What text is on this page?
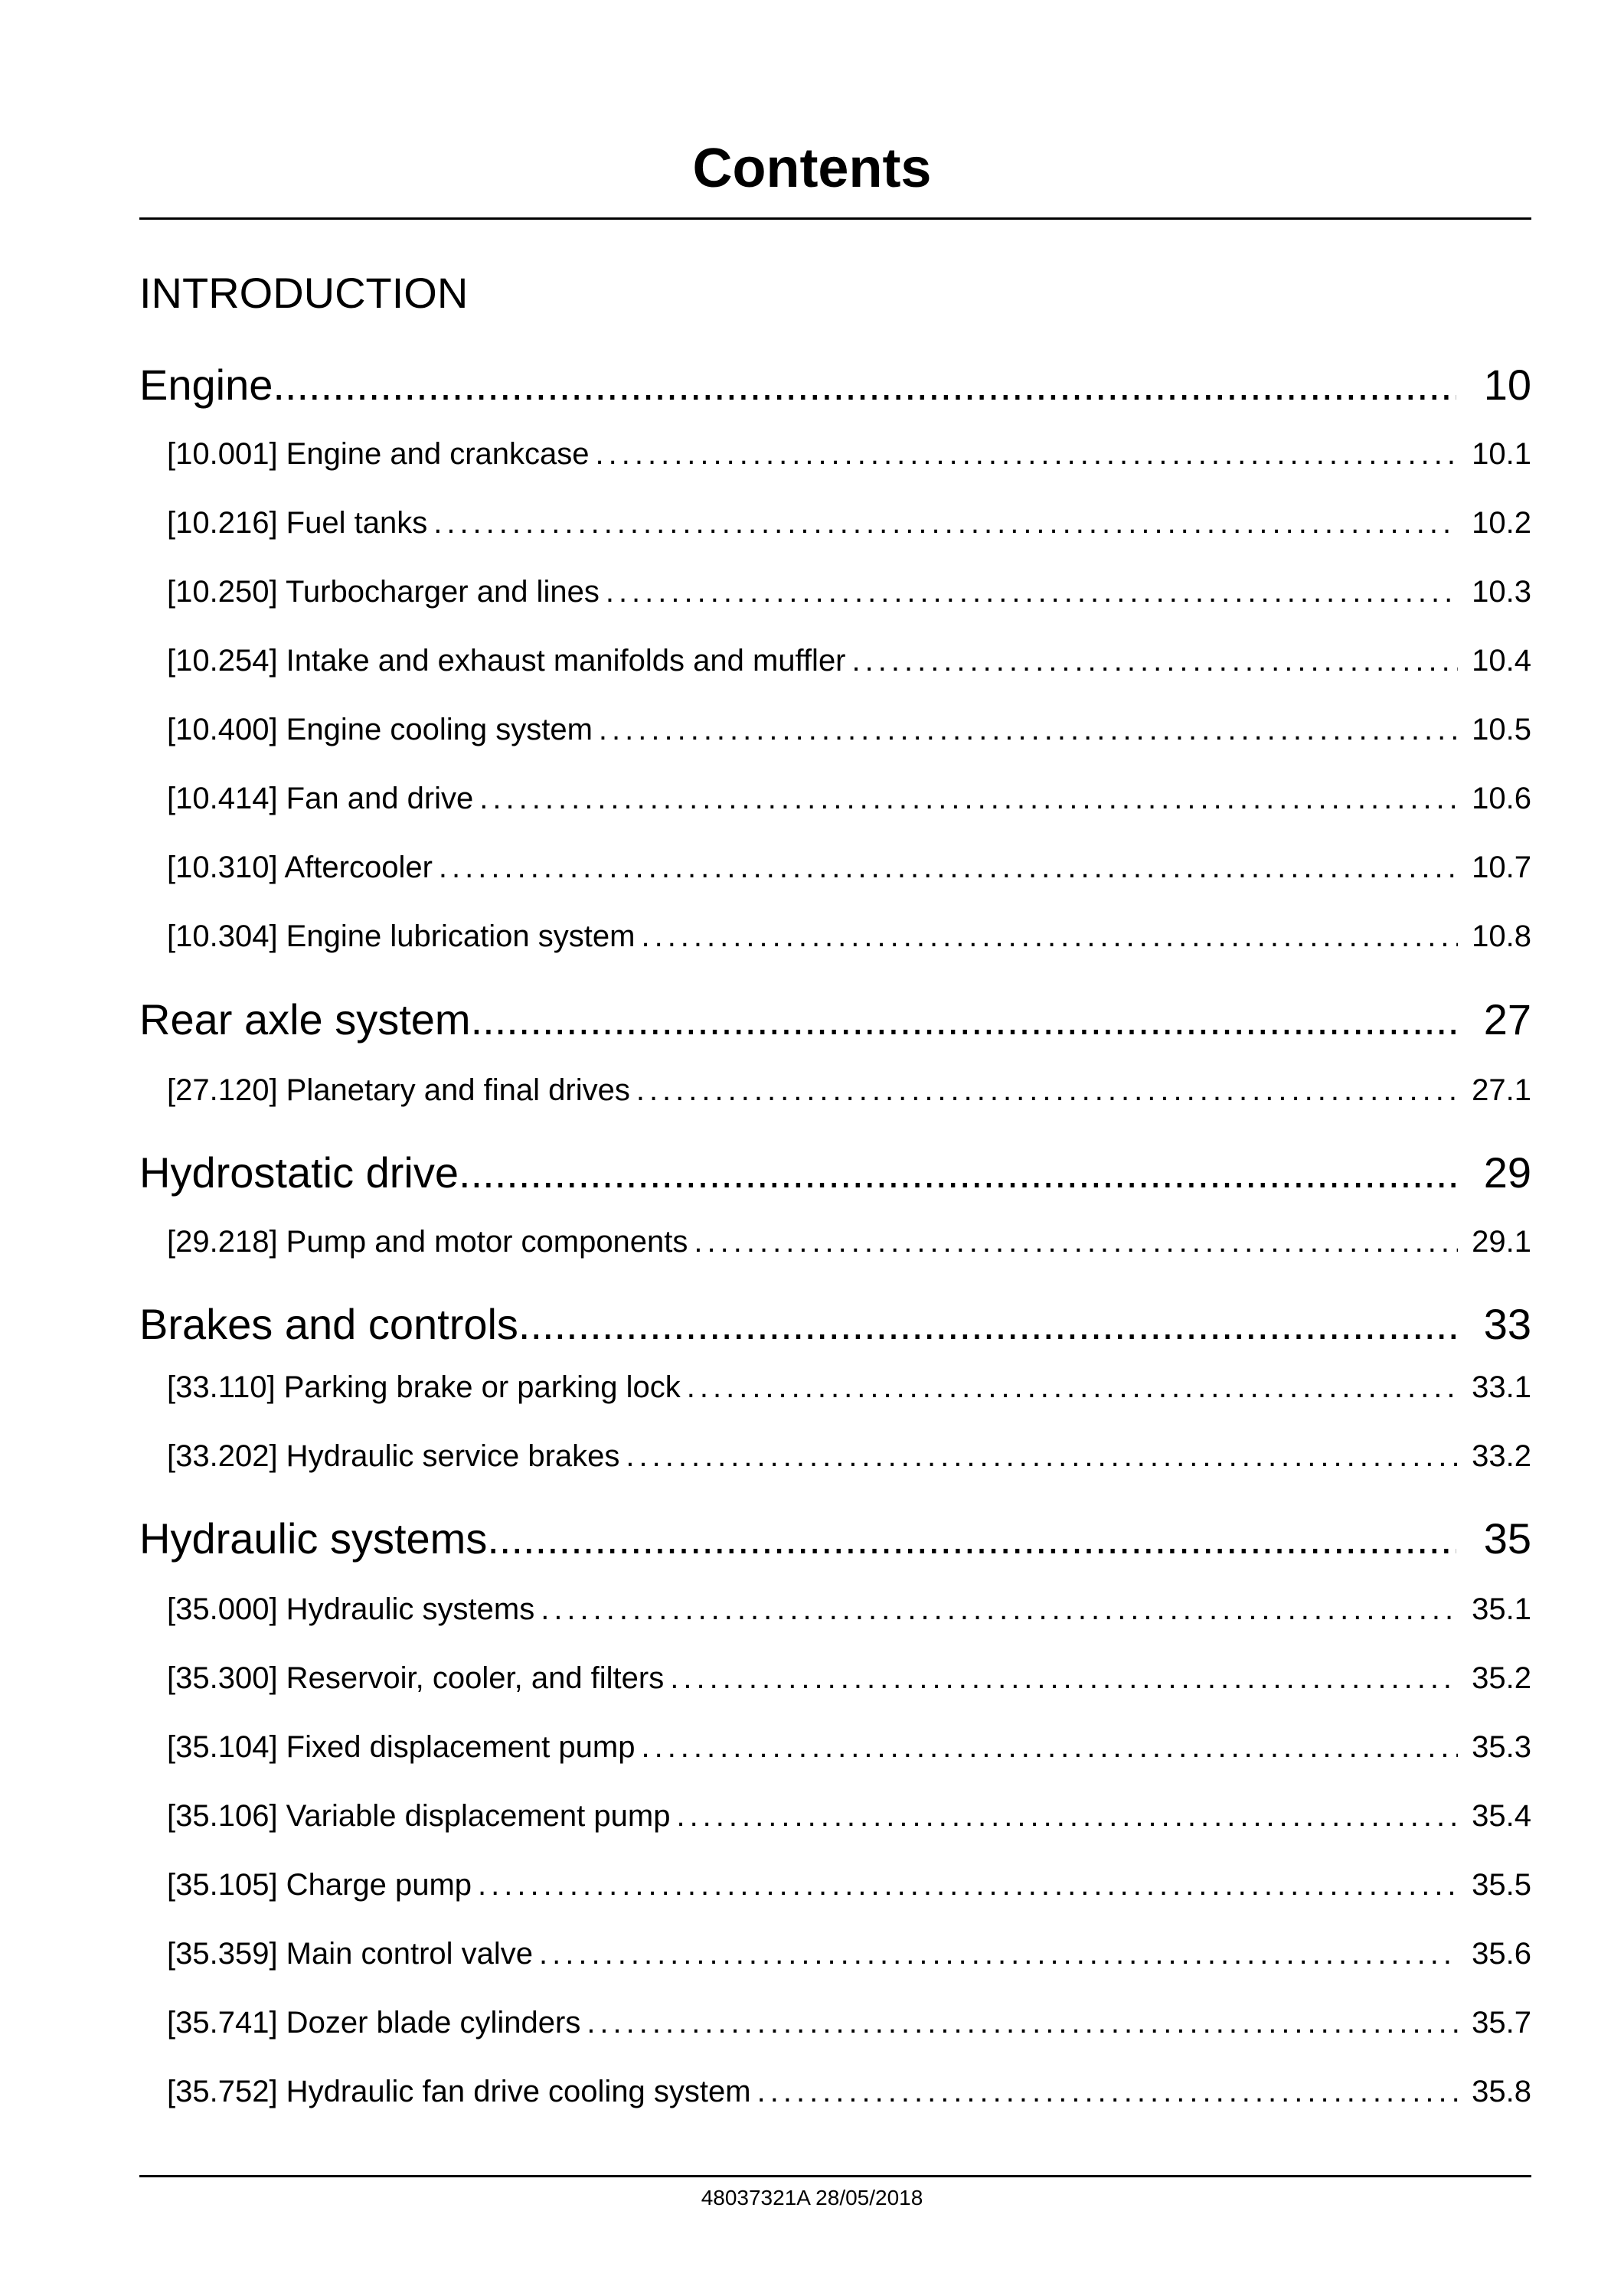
Contents
INTRODUCTION
Engine .....	10
[10.001] Engine and crankcase .....	10.1
[10.216] Fuel tanks .....	10.2
[10.250] Turbocharger and lines .....	10.3
[10.254] Intake and exhaust manifolds and muffler .....	10.4
[10.400] Engine cooling system .....	10.5
[10.414] Fan and drive .....	10.6
[10.310] Aftercooler .....	10.7
[10.304] Engine lubrication system .....	10.8
Rear axle system .....	27
[27.120] Planetary and final drives .....	27.1
Hydrostatic drive .....	29
[29.218] Pump and motor components .....	29.1
Brakes and controls .....	33
[33.110] Parking brake or parking lock .....	33.1
[33.202] Hydraulic service brakes .....	33.2
Hydraulic systems .....	35
[35.000] Hydraulic systems .....	35.1
[35.300] Reservoir, cooler, and filters .....	35.2
[35.104] Fixed displacement pump .....	35.3
[35.106] Variable displacement pump .....	35.4
[35.105] Charge pump .....	35.5
[35.359] Main control valve .....	35.6
[35.741] Dozer blade cylinders .....	35.7
[35.752] Hydraulic fan drive cooling system .....	35.8
48037321A 28/05/2018
